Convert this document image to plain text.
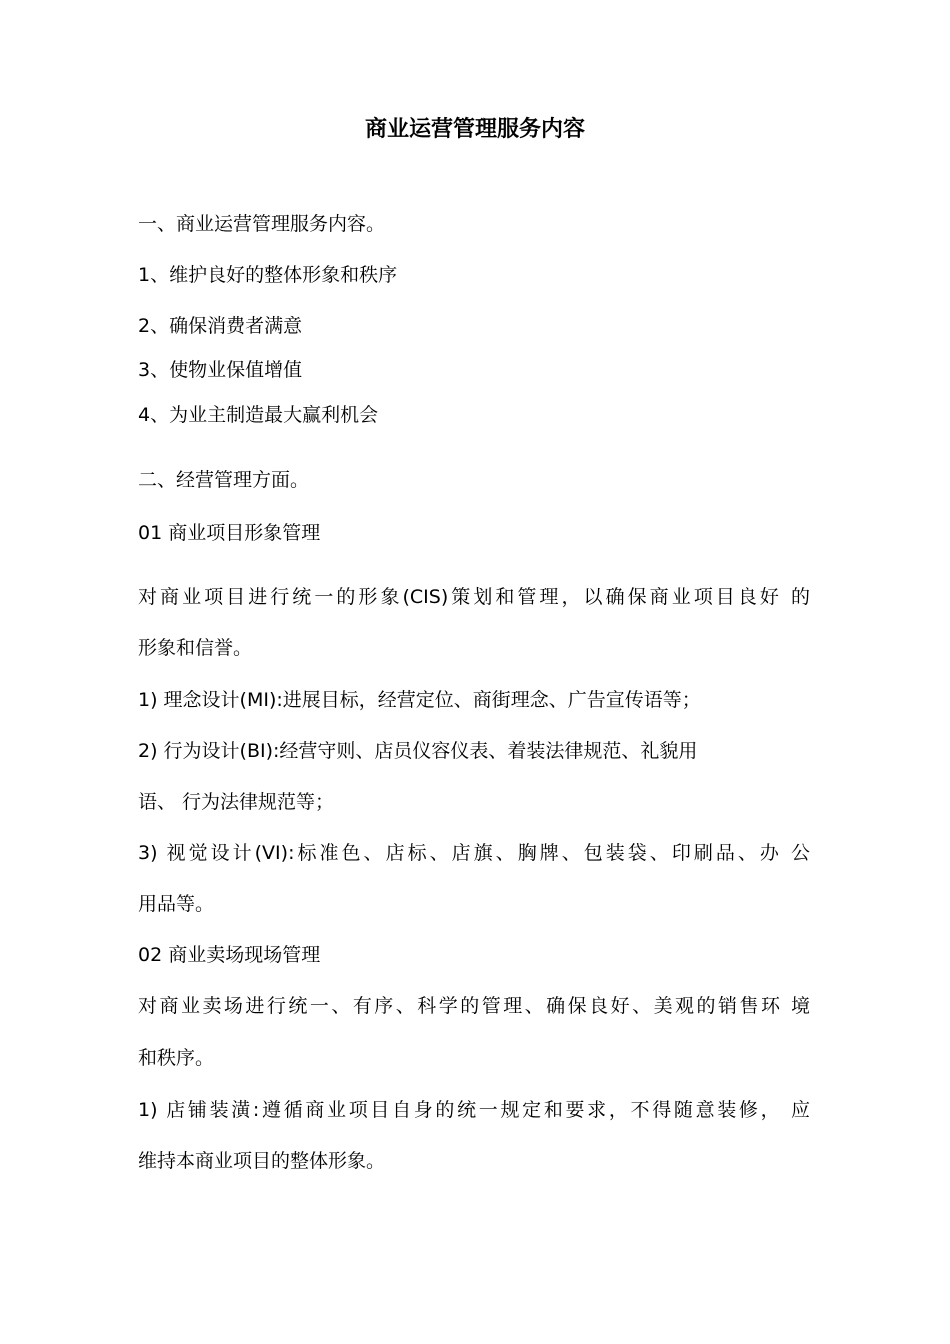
商业运营管理服务内容
一、商业运营管理服务内容。
1、维护良好的整体形象和秩序
2、确保消费者满意
3、使物业保值增值
4、为业主制造最大赢利机会
二、经营管理方面。
01 商业项目形象管理
对商业项目进行统一的形象(CIS)策划和管理，以确保商业项目良好 的
形象和信誉。
1) 理念设计(MI):进展目标，经营定位、商街理念、广告宣传语等；
2) 行为设计(BI):经营守则、店员仪容仪表、着装法律规范、礼貌用
语、 行为法律规范等；
3) 视觉设计(VI):标准色、店标、店旗、胸牌、包装袋、印刷品、办 公
用品等。
02 商业卖场现场管理
对商业卖场进行统一、有序、科学的管理、确保良好、美观的销售环 境
和秩序。
1) 店铺装潢:遵循商业项目自身的统一规定和要求，不得随意装修， 应
维持本商业项目的整体形象。
